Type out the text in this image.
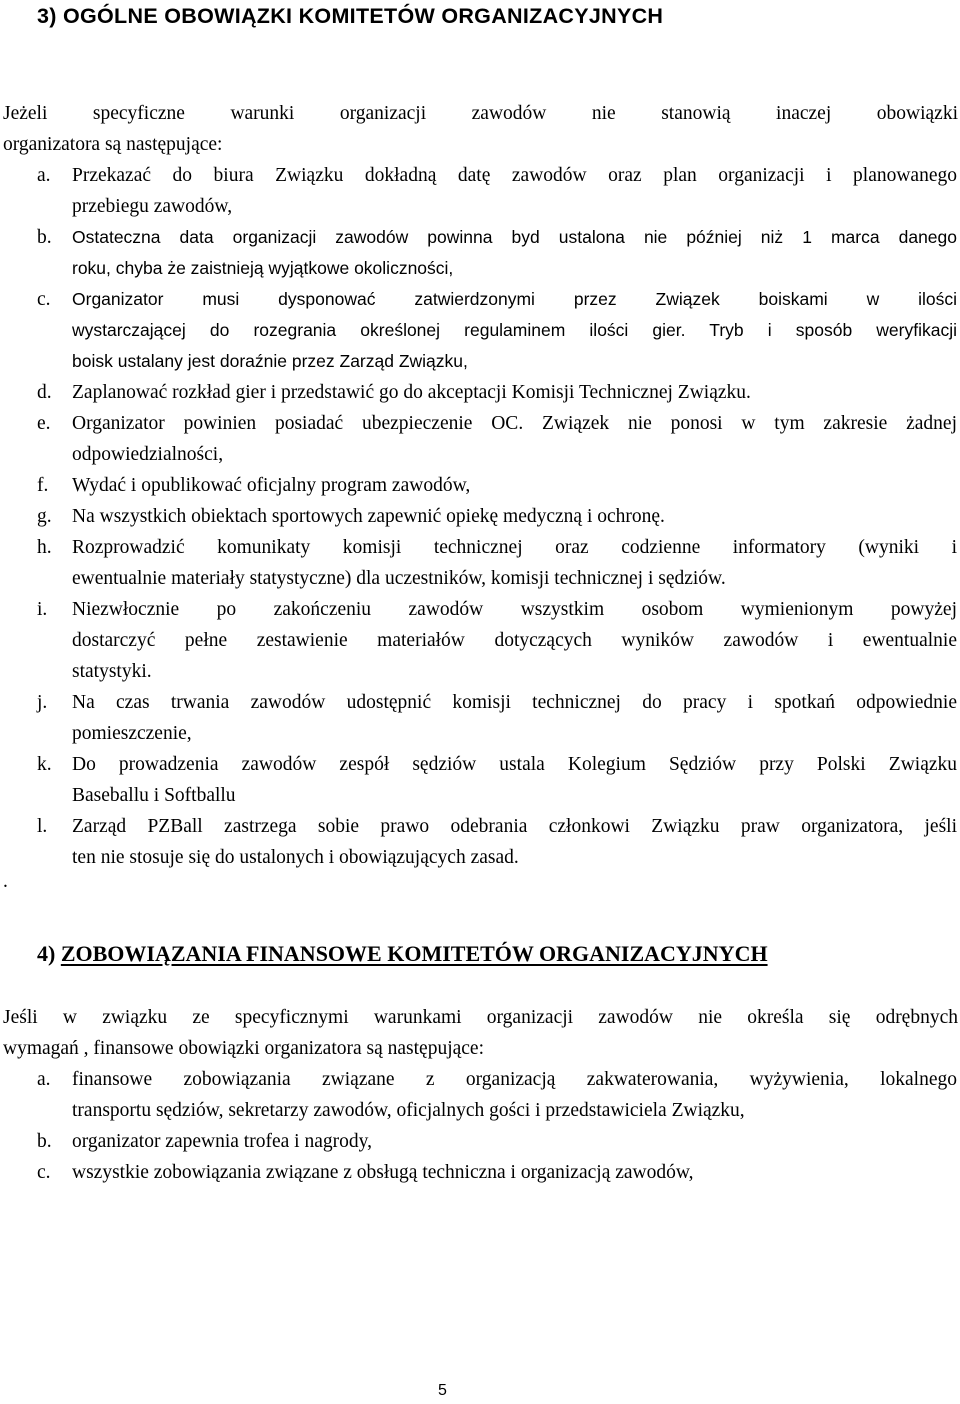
3) OGÓLNE OBOWIĄZKI KOMITETÓW ORGANIZACYJNYCH
Jeżeli specyficzne warunki organizacji zawodów nie stanowią inaczej obowiązki
organizatora są następujące:
a. Przekazać do biura Związku dokładną datę zawodów oraz plan organizacji i planowanego
przebiegu zawodów,
b. Ostateczna data organizacji zawodów powinna byd ustalona nie później niż 1 marca danego
roku, chyba że zaistnieją wyjątkowe okoliczności,
c. Organizator musi dysponować zatwierdzonymi przez Związek boiskami w ilości
wystarczającej do rozegrania określonej regulaminem ilości gier. Tryb i sposób weryfikacji
boisk ustalany jest doraźnie przez Zarząd Związku,
d. Zaplanować rozkład gier i przedstawić go do akceptacji Komisji Technicznej Związku.
e. Organizator powinien posiadać ubezpieczenie OC. Związek nie ponosi w tym zakresie żadnej
odpowiedzialności,
f. Wydać i opublikować oficjalny program zawodów,
g. Na wszystkich obiektach sportowych zapewnić opiekę medyczną i ochronę.
h. Rozprowadzić komunikaty komisji technicznej oraz codzienne informatory (wyniki i
ewentualnie materiały statystyczne) dla uczestników, komisji technicznej i sędziów.
i. Niezwłocznie po zakończeniu zawodów wszystkim osobom wymienionym powyżej
dostarczyć pełne zestawienie materiałów dotyczących wyników zawodów i ewentualnie
statystyki.
j. Na czas trwania zawodów udostępnić komisji technicznej do pracy i spotkań odpowiednie
pomieszczenie,
k. Do prowadzenia zawodów zespół sędziów ustala Kolegium Sędziów przy Polski Związku
Baseballu i Softballu
l. Zarząd PZBall zastrzega sobie prawo odebrania członkowi Związku praw organizatora, jeśli
ten nie stosuje się do ustalonych i obowiązujących zasad.
.
4) ZOBOWIĄZANIA FINANSOWE KOMITETÓW ORGANIZACYJNYCH
Jeśli w związku ze specyficznymi warunkami organizacji zawodów nie określa się odrębnych
wymagań , finansowe obowiązki organizatora są następujące:
a. finansowe zobowiązania związane z organizacją zakwaterowania, wyżywienia, lokalnego
transportu sędziów, sekretarzy zawodów, oficjalnych gości i przedstawiciela Związku,
b. organizator zapewnia trofea i nagrody,
c. wszystkie zobowiązania związane z obsługą techniczna i organizacją zawodów,
5
